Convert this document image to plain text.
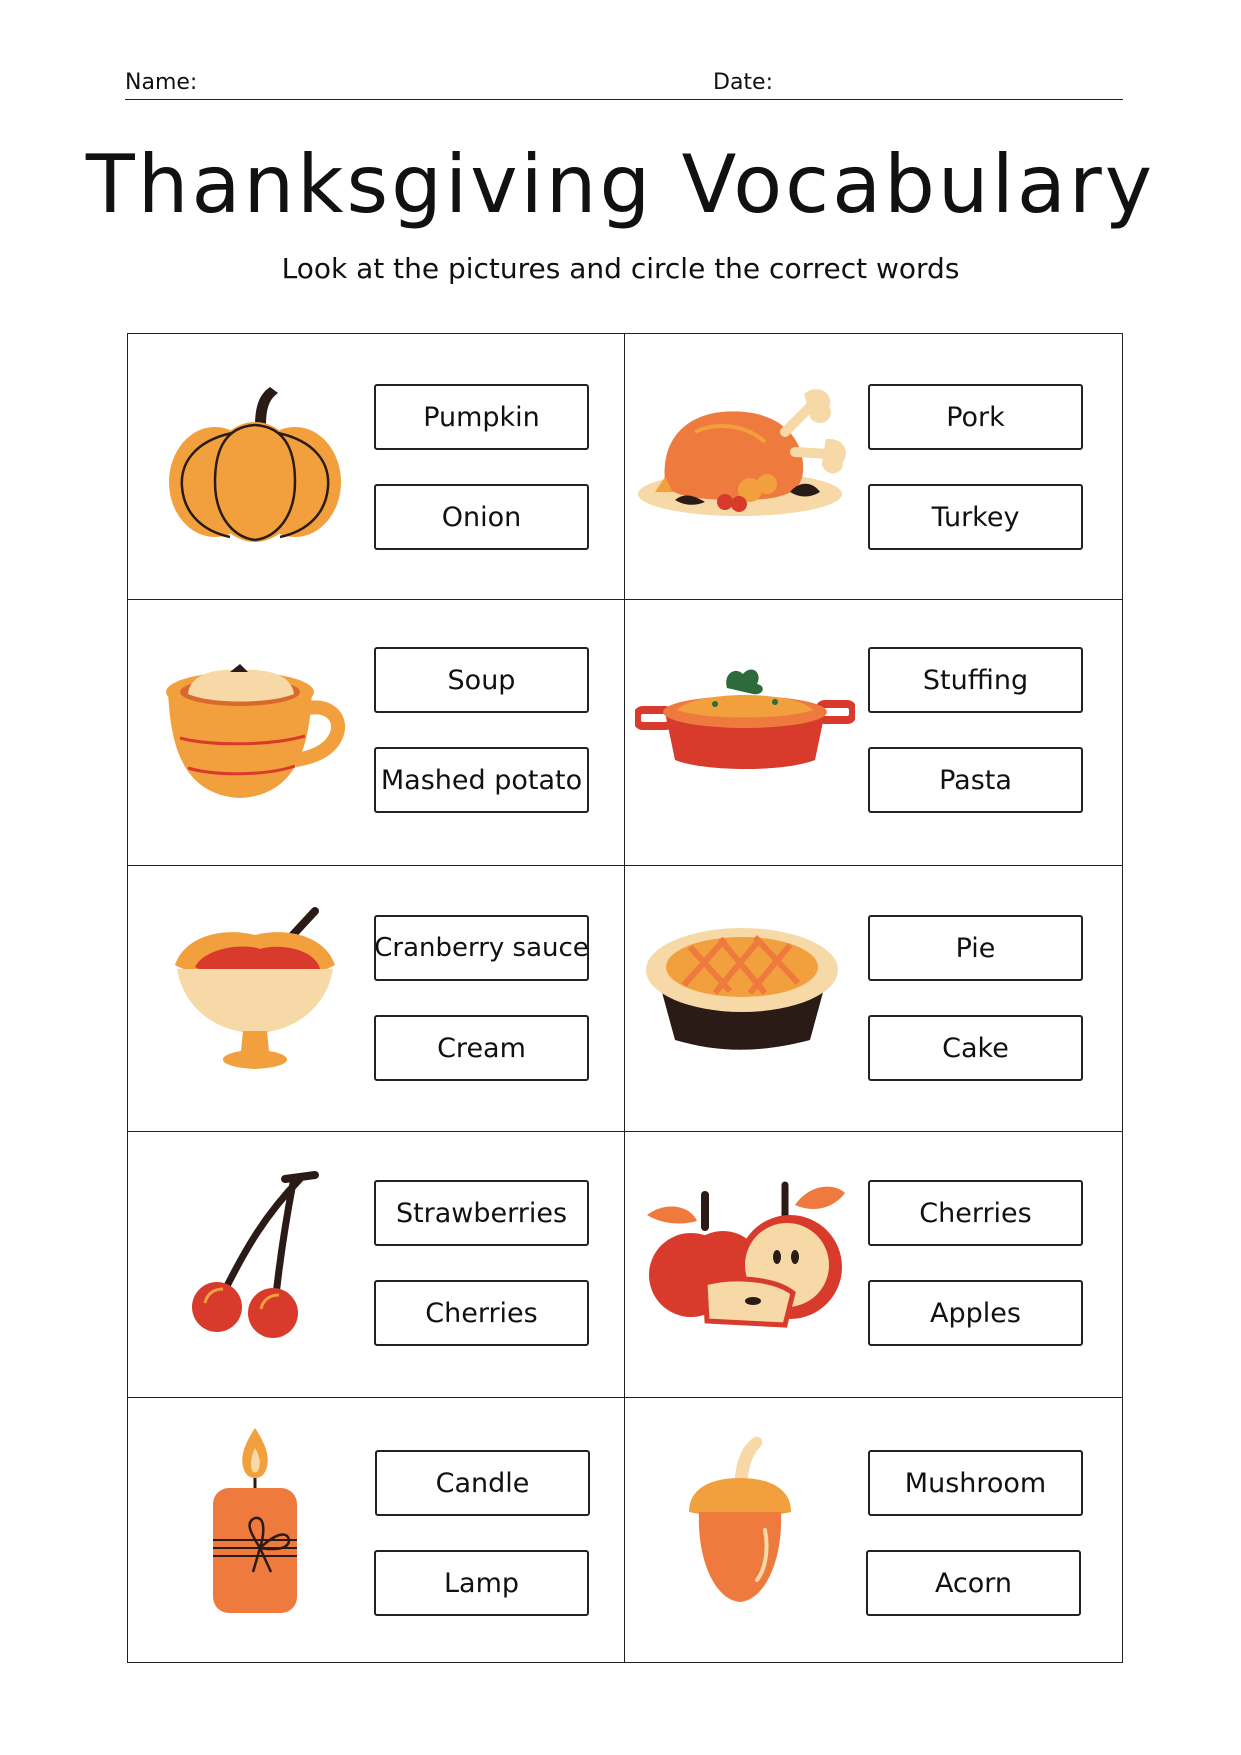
Name:	Date:
Thanksgiving Vocabulary
Look at the pictures and circle the correct words
Pumpkin
Onion
Pork
Turkey
Soup
Mashed potato
Stuffing
Pasta
Cranberry sauce
Cream
Pie
Cake
Strawberries
Cherries
Cherries
Apples
Candle
Lamp
Mushroom
Acorn
